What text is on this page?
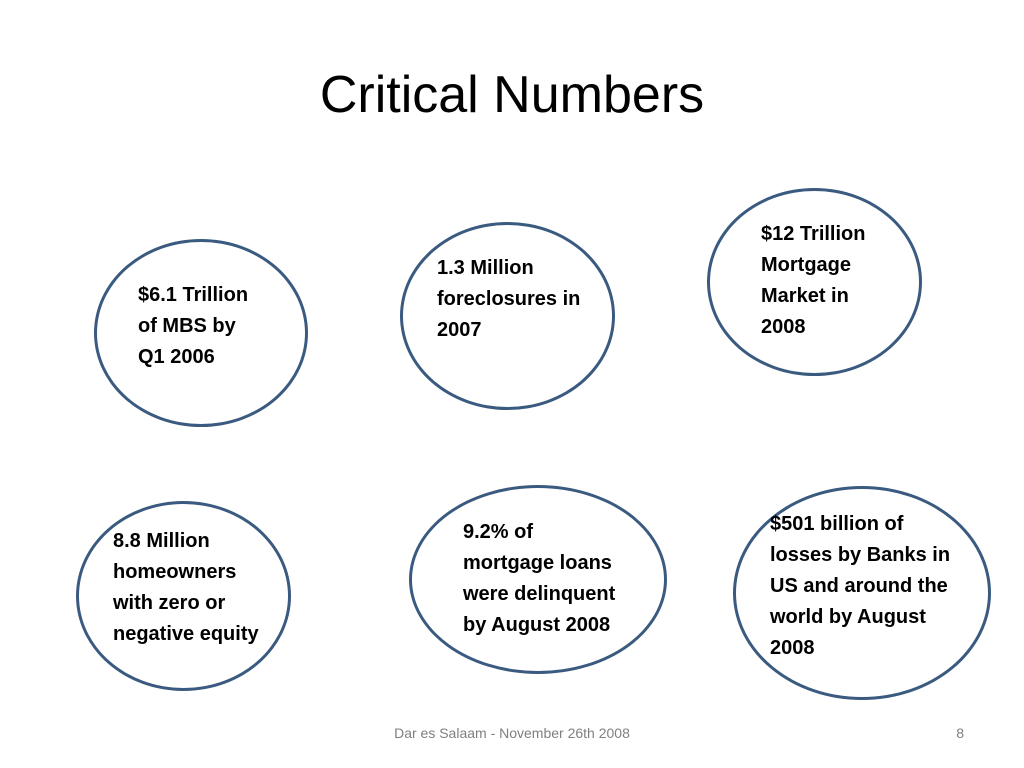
Critical Numbers
$6.1 Trillion
of MBS by
Q1 2006
1.3 Million
foreclosures in
2007
$12 Trillion
Mortgage
Market in
2008
8.8 Million
homeowners
with zero or
negative equity
9.2% of
mortgage loans
were delinquent
by August 2008
$501 billion of
losses by Banks in
US and around the
world by August
2008
Dar es Salaam - November 26th 2008	8
